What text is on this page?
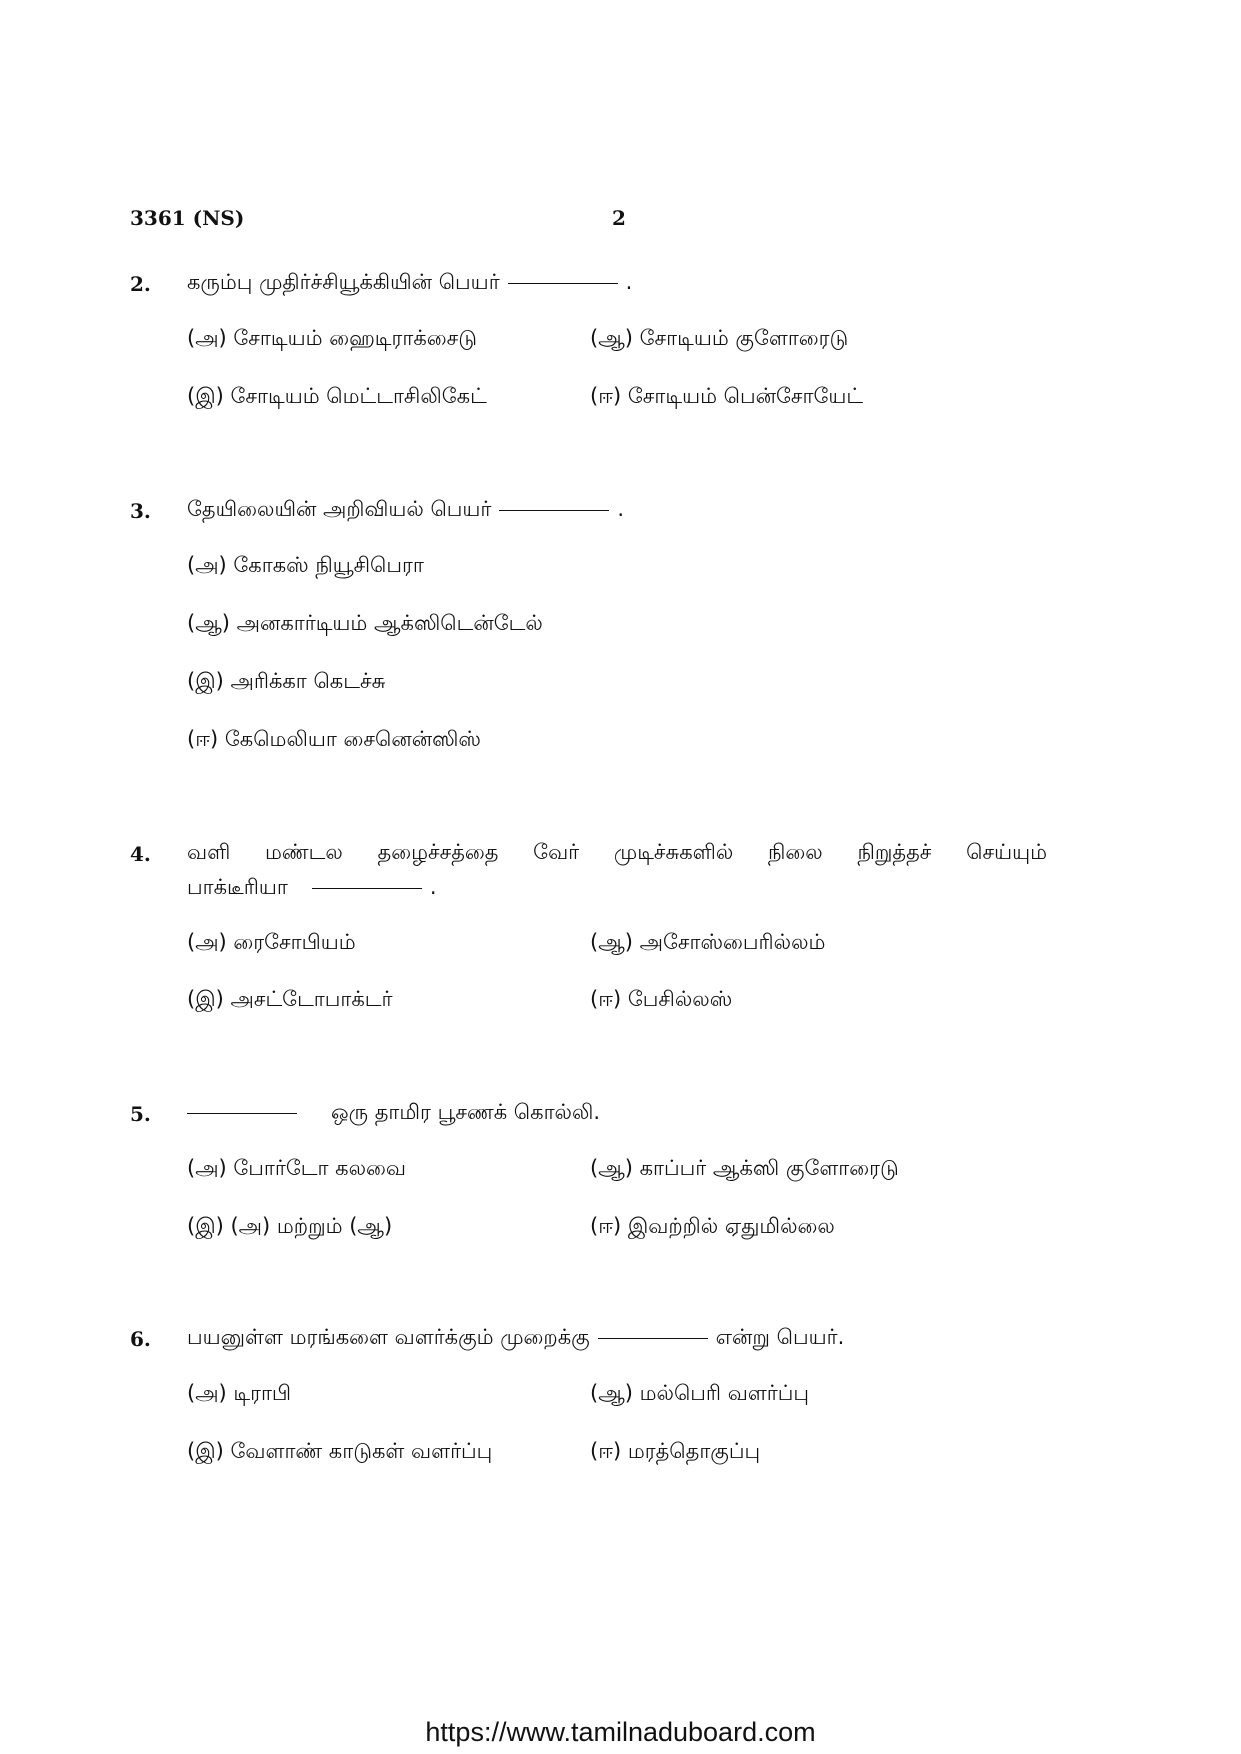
3361 (NS)	2
2. கரும்பு முதிர்ச்சியூக்கியின் பெயர்	.
(அ) சோடியம் ஹைடிராக்சைடு	(ஆ) சோடியம் குளோரைடு
(இ) சோடியம் மெட்டாசிலிகேட்	(ஈ) சோடியம் பென்சோயேட்
3. தேயிலையின் அறிவியல் பெயர்	.
(அ) கோகஸ் நியூசிபெரா
(ஆ) அனகார்டியம் ஆக்ஸிடென்டேல்
(இ) அரிக்கா கெடச்சு
(ஈ) கேமெலியா சைனென்ஸிஸ்
4. வளி மண்டல தழைச்சத்தை வேர் முடிச்சுகளில் நிலை நிறுத்தச் செய்யும்
பாக்டீரியா	.
(அ) ரைசோபியம்	(ஆ) அசோஸ்பைரில்லம்
(இ) அசட்டோபாக்டர்	(ஈ) பேசில்லஸ்
5.	ஒரு தாமிர பூசணக் கொல்லி.
(அ) போர்டோ கலவை	(ஆ) காப்பர் ஆக்ஸி குளோரைடு
(இ) (அ) மற்றும் (ஆ)	(ஈ) இவற்றில் ஏதுமில்லை
6. பயனுள்ள மரங்களை வளர்க்கும் முறைக்கு	என்று பெயர்.
(அ) டிராபி	(ஆ) மல்பெரி வளர்ப்பு
(இ) வேளாண் காடுகள் வளர்ப்பு	(ஈ) மரத்தொகுப்பு
https://www.tamilnaduboard.com
